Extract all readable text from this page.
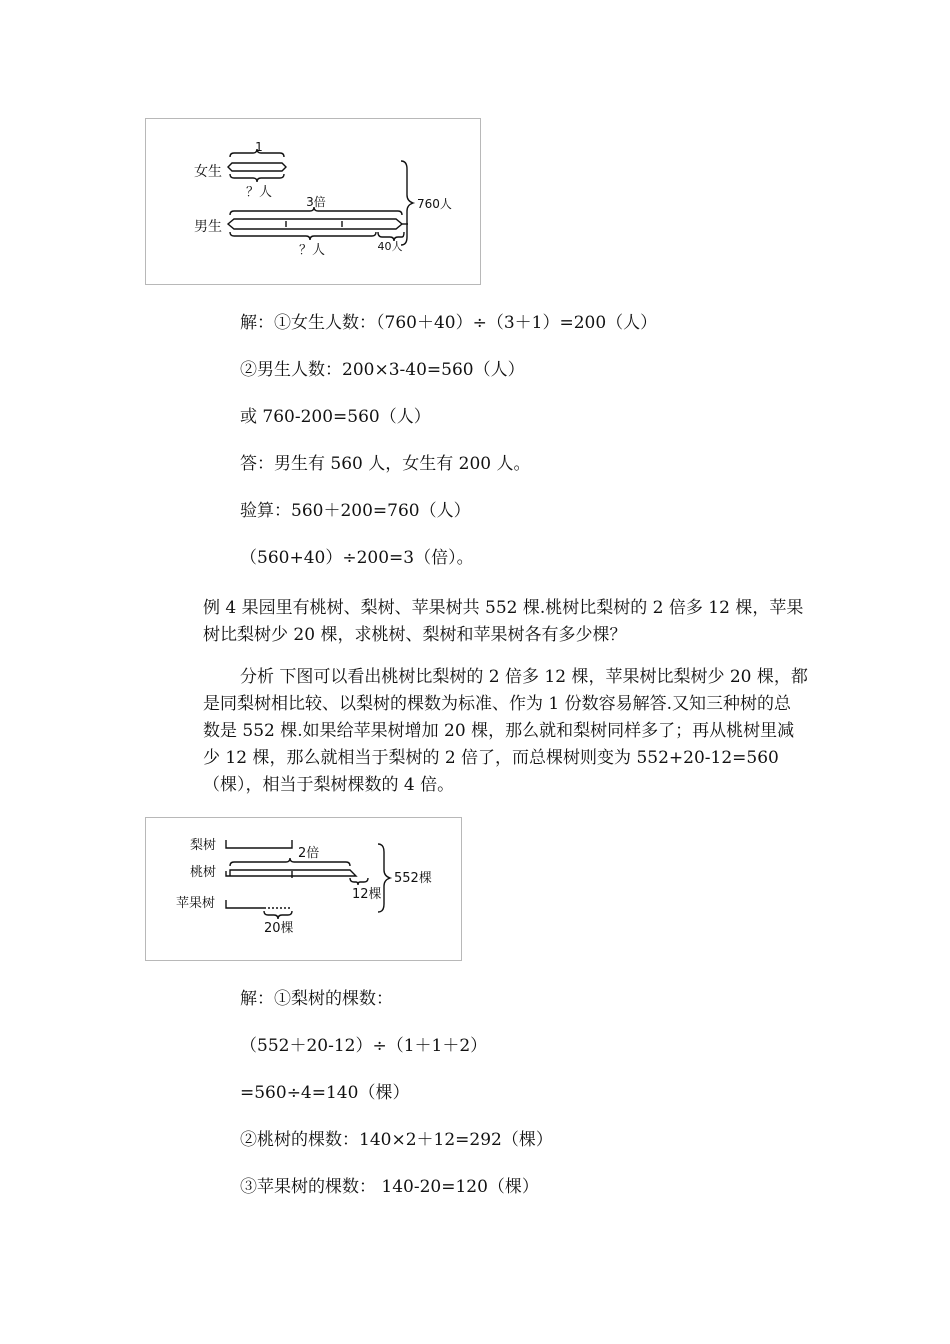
女生
男生
1
？人
3倍
？人	40人
760人
解：①女生人数：（760＋40）÷（3＋1）=200（人）
②男生人数：200×3-40=560（人）
或 760-200=560（人）
答：男生有 560 人，女生有 200 人。
验算：560＋200=760（人）
（560+40）÷200=3（倍）。
例 4 果园里有桃树、梨树、苹果树共 552 棵.桃树比梨树的 2 倍多 12 棵，苹果树比梨树少 20 棵，求桃树、梨树和苹果树各有多少棵？
分析 下图可以看出桃树比梨树的 2 倍多 12 棵，苹果树比梨树少 20 棵，都是同梨树相比较、以梨树的棵数为标准、作为 1 份数容易解答.又知三种树的总数是 552 棵.如果给苹果树增加 20 棵，那么就和梨树同样多了；再从桃树里减少 12 棵，那么就相当于梨树的 2 倍了，而总棵树则变为 552+20-12=560（棵），相当于梨树棵数的 4 倍。
梨树
桃树
苹果树
2倍
12棵
20棵
552棵
解：①梨树的棵数：
（552＋20-12）÷（1＋1＋2）
=560÷4=140（棵）
②桃树的棵数：140×2＋12=292（棵）
③苹果树的棵数： 140-20=120（棵）
